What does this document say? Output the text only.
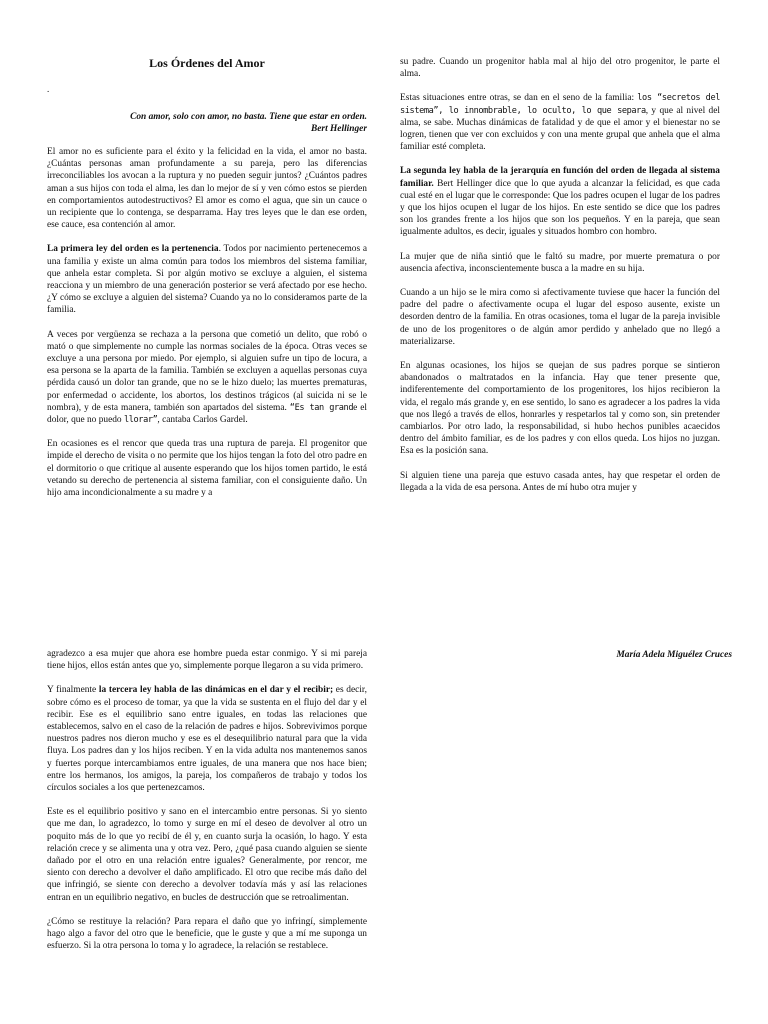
Los Órdenes del Amor
.
Con amor, solo con amor, no basta. Tiene que estar en orden.
Bert Hellinger

El amor no es suficiente para el éxito y la felicidad en la vida, el amor no basta. ¿Cuántas personas aman profundamente a su pareja, pero las diferencias irreconciliables los avocan a la ruptura y no pueden seguir juntos? ¿Cuántos padres aman a sus hijos con toda el alma, les dan lo mejor de sí y ven cómo estos se pierden en comportamientos autodestructivos? El amor es como el agua, que sin un cauce o un recipiente que lo contenga, se desparrama. Hay tres leyes que le dan ese orden, ese cauce, esa contención al amor.

La primera ley del orden es la pertenencia. Todos por nacimiento pertenecemos a una familia y existe un alma común para todos los miembros del sistema familiar, que anhela estar completa. Si por algún motivo se excluye a alguien, el sistema reacciona y un miembro de una generación posterior se verá afectado por ese hecho. ¿Y cómo se excluye a alguien del sistema? Cuando ya no lo consideramos parte de la familia.

A veces por vergüenza se rechaza a la persona que cometió un delito, que robó o mató o que simplemente no cumple las normas sociales de la época. Otras veces se excluye a una persona por miedo. Por ejemplo, si alguien sufre un tipo de locura, a esa persona se la aparta de la familia. También se excluyen a aquellas personas cuya pérdida causó un dolor tan grande, que no se le hizo duelo; las muertes prematuras, por enfermedad o accidente, los abortos, los destinos trágicos (al suicida ni se le nombra), y de esta manera, también son apartados del sistema. “Es tan grande el dolor, que no puedo llorar”, cantaba Carlos Gardel.

En ocasiones es el rencor que queda tras una ruptura de pareja. El progenitor que impide el derecho de visita o no permite que los hijos tengan la foto del otro padre en el dormitorio o que critique al ausente esperando que los hijos tomen partido, le está vetando su derecho de pertenencia al sistema familiar, con el consiguiente daño. Un hijo ama incondicionalmente a su madre y a

su padre. Cuando un progenitor habla mal al hijo del otro progenitor, le parte el alma.

Estas situaciones entre otras, se dan en el seno de la familia: los “secretos del sistema”, lo innombrable, lo oculto, lo que separa, y que al nivel del alma, se sabe. Muchas dinámicas de fatalidad y de que el amor y el bienestar no se logren, tienen que ver con excluidos y con una mente grupal que anhela que el alma familiar esté completa.

La segunda ley habla de la jerarquía en función del orden de llegada al sistema familiar. Bert Hellinger dice que lo que ayuda a alcanzar la felicidad, es que cada cual esté en el lugar que le corresponde: Que los padres ocupen el lugar de los padres y que los hijos ocupen el lugar de los hijos. En este sentido se dice que los padres son los grandes frente a los hijos que son los pequeños. Y en la pareja, que sean igualmente adultos, es decir, iguales y situados hombro con hombro.

La mujer que de niña sintió que le faltó su madre, por muerte prematura o por ausencia afectiva, inconscientemente busca a la madre en su hija.

Cuando a un hijo se le mira como si afectivamente tuviese que hacer la función del padre del padre o afectivamente ocupa el lugar del esposo ausente, existe un desorden dentro de la familia. En otras ocasiones, toma el lugar de la pareja invisible de uno de los progenitores o de algún amor perdido y anhelado que no llegó a materializarse.

En algunas ocasiones, los hijos se quejan de sus padres porque se sintieron abandonados o maltratados en la infancia. Hay que tener presente que, indiferentemente del comportamiento de los progenitores, los hijos recibieron la vida, el regalo más grande y, en ese sentido, lo sano es agradecer a los padres la vida que nos llegó a través de ellos, honrarles y respetarlos tal y como son, sin pretender cambiarlos. Por otro lado, la responsabilidad, si hubo hechos punibles acaecidos dentro del ámbito familiar, es de los padres y con ellos queda. Los hijos no juzgan. Esa es la posición sana.

Si alguien tiene una pareja que estuvo casada antes, hay que respetar el orden de llegada a la vida de esa persona. Antes de mí hubo otra mujer y

agradezco a esa mujer que ahora ese hombre pueda estar conmigo. Y si mi pareja tiene hijos, ellos están antes que yo, simplemente porque llegaron a su vida primero.

Y finalmente la tercera ley habla de las dinámicas en el dar y el recibir; es decir, sobre cómo es el proceso de tomar, ya que la vida se sustenta en el flujo del dar y el recibir. Ese es el equilibrio sano entre iguales, en todas las relaciones que establecemos, salvo en el caso de la relación de padres e hijos. Sobrevivimos porque nuestros padres nos dieron mucho y ese es el desequilibrio natural para que la vida fluya. Los padres dan y los hijos reciben. Y en la vida adulta nos mantenemos sanos y fuertes porque intercambiamos entre iguales, de una manera que nos hace bien; entre los hermanos, los amigos, la pareja, los compañeros de trabajo y todos los círculos sociales a los que pertenezcamos.

Este es el equilibrio positivo y sano en el intercambio entre personas. Si yo siento que me dan, lo agradezco, lo tomo y surge en mí el deseo de devolver al otro un poquito más de lo que yo recibí de él y, en cuanto surja la ocasión, lo hago. Y esta relación crece y se alimenta una y otra vez. Pero, ¿qué pasa cuando alguien se siente dañado por el otro en una relación entre iguales? Generalmente, por rencor, me siento con derecho a devolver el daño amplificado. El otro que recibe más daño del que infringió, se siente con derecho a devolver todavía más y así las relaciones entran en un equilibrio negativo, en bucles de destrucción que se retroalimentan.

¿Cómo se restituye la relación? Para repara el daño que yo infringí, simplemente hago algo a favor del otro que le beneficie, que le guste y que a mí me suponga un esfuerzo. Si la otra persona lo toma y lo agradece, la relación se restablece.

María Adela Miguélez Cruces
